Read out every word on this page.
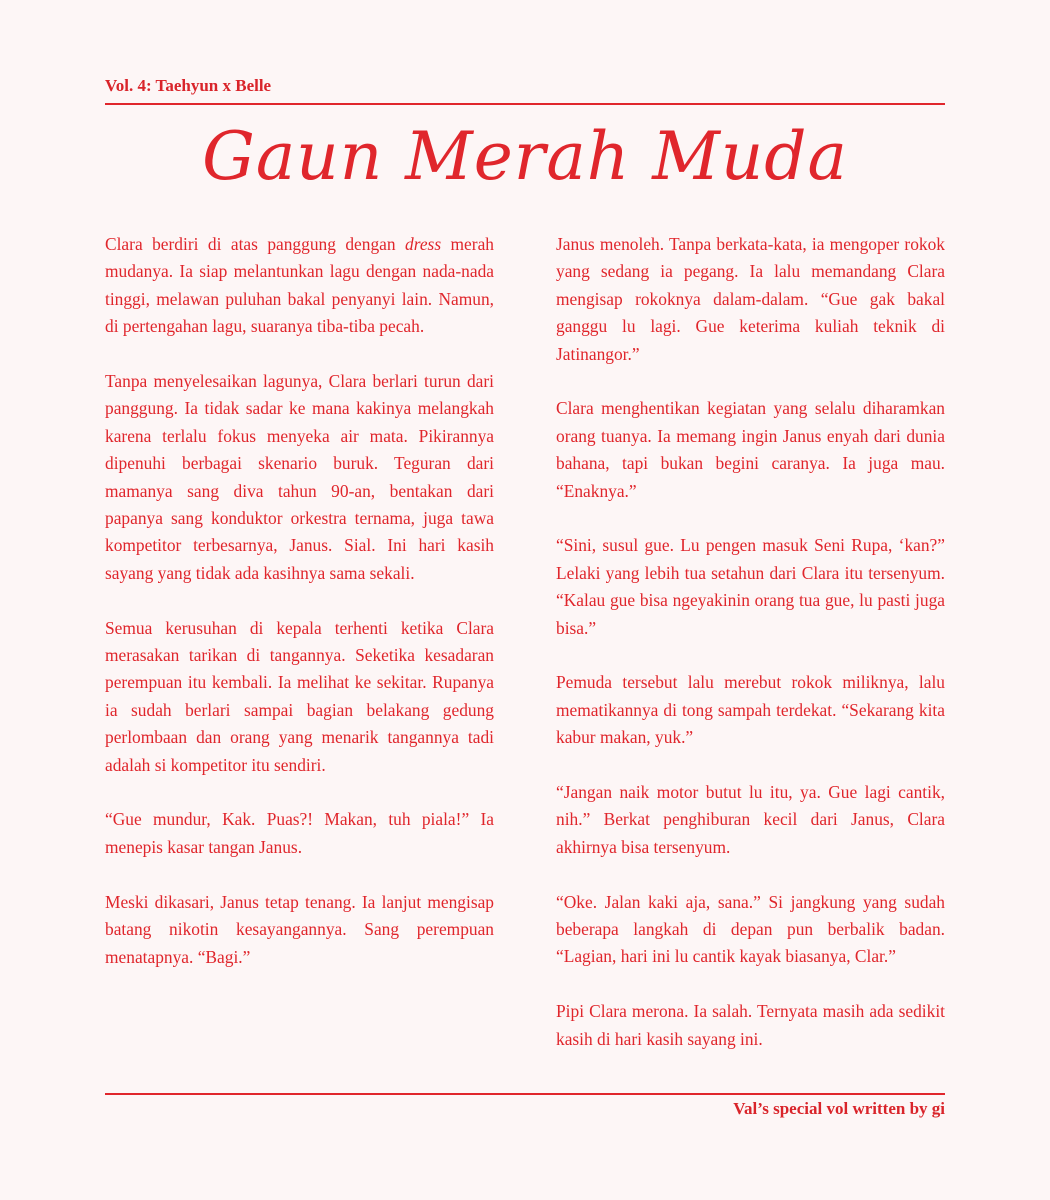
Vol. 4: Taehyun x Belle
Gaun Merah Muda

Clara berdiri di atas panggung dengan dress merah mudanya. Ia siap melantunkan lagu dengan nada-nada tinggi, melawan puluhan bakal penyanyi lain. Namun, di pertengahan lagu, suaranya tiba-tiba pecah.

Tanpa menyelesaikan lagunya, Clara berlari turun dari panggung. Ia tidak sadar ke mana kakinya melangkah karena terlalu fokus menyeka air mata. Pikirannya dipenuhi berbagai skenario buruk. Teguran dari mamanya sang diva tahun 90-an, bentakan dari papanya sang konduktor orkestra ternama, juga tawa kompetitor terbesarnya, Janus. Sial. Ini hari kasih sayang yang tidak ada kasihnya sama sekali.

Semua kerusuhan di kepala terhenti ketika Clara merasakan tarikan di tangannya. Seketika kesadaran perempuan itu kembali. Ia melihat ke sekitar. Rupanya ia sudah berlari sampai bagian belakang gedung perlombaan dan orang yang menarik tangannya tadi adalah si kompetitor itu sendiri.

“Gue mundur, Kak. Puas?! Makan, tuh piala!” Ia menepis kasar tangan Janus.

Meski dikasari, Janus tetap tenang. Ia lanjut mengisap batang nikotin kesayangannya. Sang perempuan menatapnya. “Bagi.”

Janus menoleh. Tanpa berkata-kata, ia mengoper rokok yang sedang ia pegang. Ia lalu memandang Clara mengisap rokoknya dalam-dalam. “Gue gak bakal ganggu lu lagi. Gue keterima kuliah teknik di Jatinangor.”

Clara menghentikan kegiatan yang selalu diharamkan orang tuanya. Ia memang ingin Janus enyah dari dunia bahana, tapi bukan begini caranya. Ia juga mau. “Enaknya.”

“Sini, susul gue. Lu pengen masuk Seni Rupa, ‘kan?” Lelaki yang lebih tua setahun dari Clara itu tersenyum. “Kalau gue bisa ngeyakinin orang tua gue, lu pasti juga bisa.”

Pemuda tersebut lalu merebut rokok miliknya, lalu mematikannya di tong sampah terdekat. “Sekarang kita kabur makan, yuk.”

“Jangan naik motor butut lu itu, ya. Gue lagi cantik, nih.” Berkat penghiburan kecil dari Janus, Clara akhirnya bisa tersenyum.

“Oke. Jalan kaki aja, sana.” Si jangkung yang sudah beberapa langkah di depan pun berbalik badan. “Lagian, hari ini lu cantik kayak biasanya, Clar.”

Pipi Clara merona. Ia salah. Ternyata masih ada sedikit kasih di hari kasih sayang ini.

Val’s special vol written by gi
